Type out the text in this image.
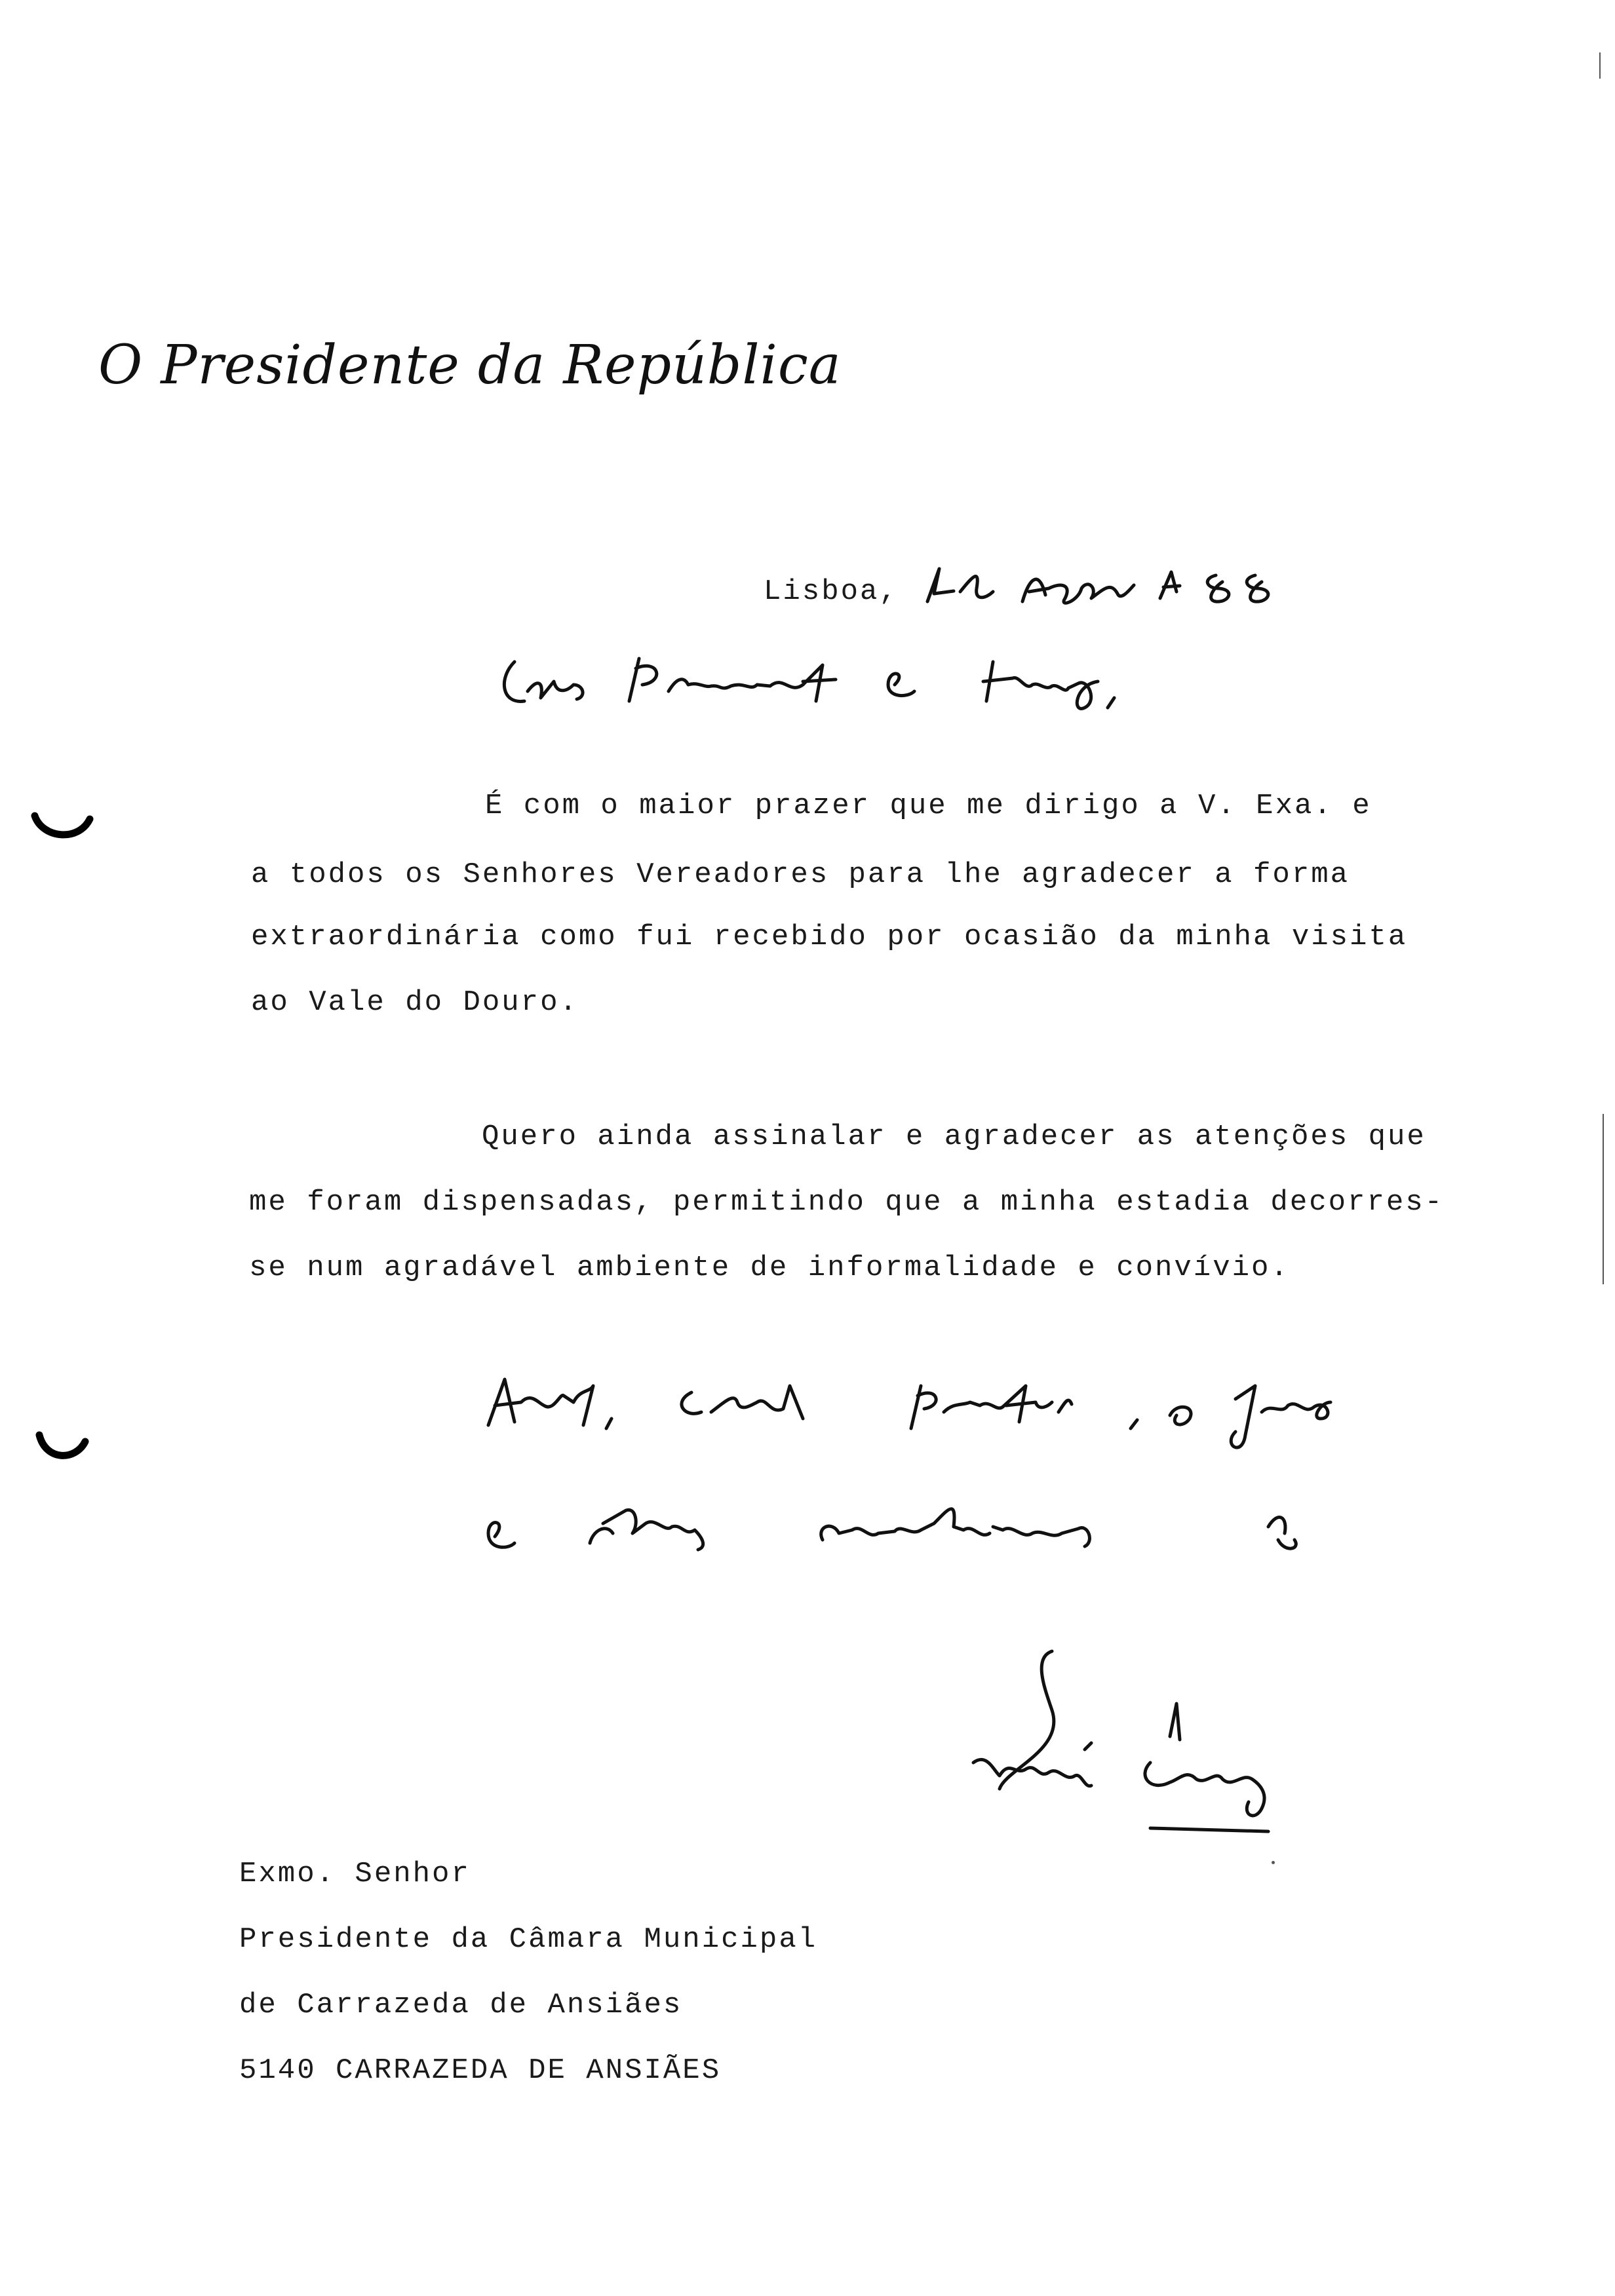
O Presidente da República
Lisboa,
É com o maior prazer que me dirigo a V. Exa. e
a todos os Senhores Vereadores para lhe agradecer a forma
extraordinária como fui recebido por ocasião da minha visita
ao Vale do Douro.
Quero ainda assinalar e agradecer as atenções que
me foram dispensadas, permitindo que a minha estadia decorres-
se num agradável ambiente de informalidade e convívio.
Exmo. Senhor
Presidente da Câmara Municipal
de Carrazeda de Ansiães
5140 CARRAZEDA DE ANSIÃES
